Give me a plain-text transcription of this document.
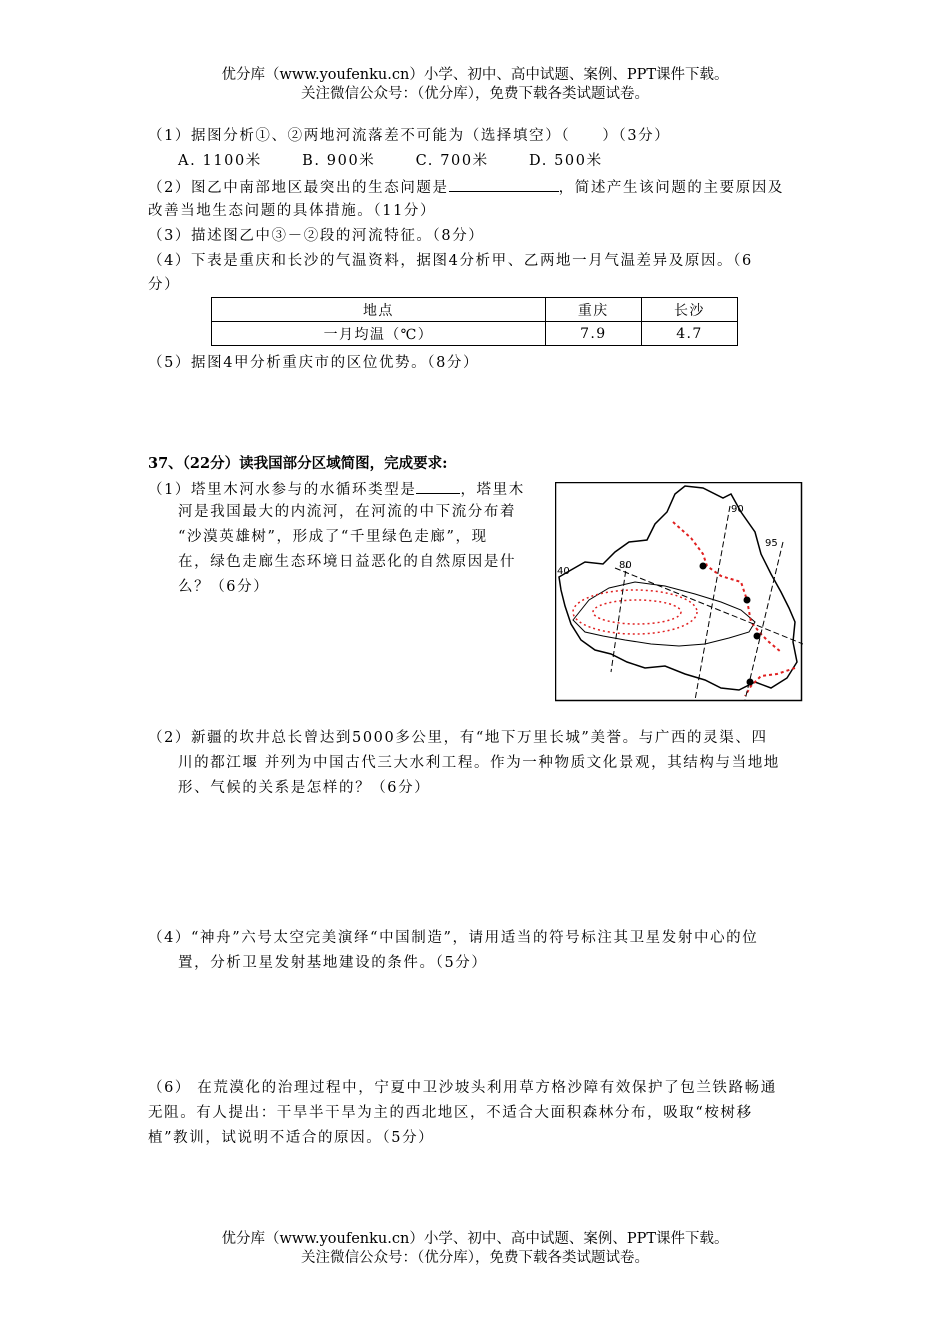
优分库（www.youfenku.cn）小学、初中、高中试题、案例、PPT课件下载。
关注微信公众号：（优分库），免费下载各类试题试卷。
（1）据图分析①、②两地河流落差不可能为（选择填空）（　　）（3分）
A. 1100米	B. 900米	C. 700米	D. 500米
（2）图乙中南部地区最突出的生态问题是	，简述产生该问题的主要原因及
改善当地生态问题的具体措施。（11分）
（3）描述图乙中③－②段的河流特征。（8分）
（4）下表是重庆和长沙的气温资料，据图4分析甲、乙两地一月气温差异及原因。（6
分）
地点	重庆	长沙
一月均温（℃）	7.9	4.7
（5）据图4甲分析重庆市的区位优势。（8分）
37、（22分）读我国部分区域简图，完成要求:
（1）塔里木河水参与的水循环类型是	，塔里木
河是我国最大的内流河，在河流的中下流分布着
“沙漠英雄树”，形成了“千里绿色走廊”，现
在，绿色走廊生态环境日益恶化的自然原因是什
么？（6分）
90
95
40
80
（2）新疆的坎井总长曾达到5000多公里，有“地下万里长城”美誉。与广西的灵渠、四
川的都江堰 并列为中国古代三大水利工程。作为一种物质文化景观，其结构与当地地
形、气候的关系是怎样的？（6分）
（4）“神舟”六号太空完美演绎“中国制造”，请用适当的符号标注其卫星发射中心的位
置，分析卫星发射基地建设的条件。（5分）
（6） 在荒漠化的治理过程中，宁夏中卫沙坡头利用草方格沙障有效保护了包兰铁路畅通
无阻。有人提出：干旱半干旱为主的西北地区，不适合大面积森林分布，吸取“桉树移
植”教训，试说明不适合的原因。（5分）
优分库（www.youfenku.cn）小学、初中、高中试题、案例、PPT课件下载。
关注微信公众号：（优分库），免费下载各类试题试卷。
